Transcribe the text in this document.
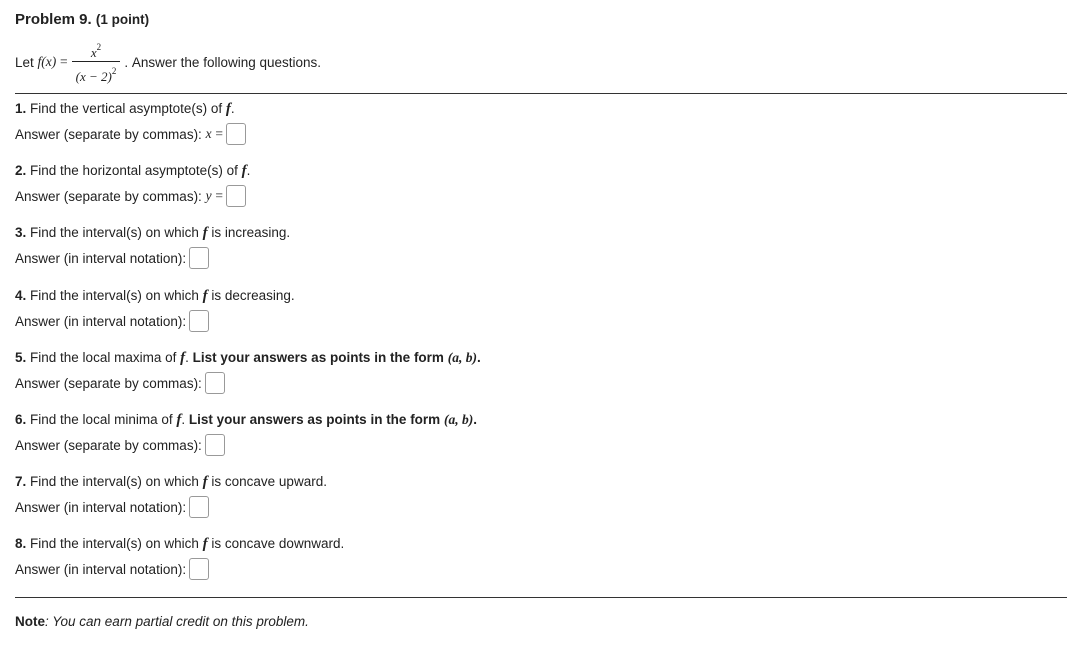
Problem 9. (1 point)
Let
f(x)
= $\frac{x^2}{(x - 2)^2}$ .
Answer the following questions.
1. Find the vertical asymptote(s) of f.
Answer (separate by commas):
x
=
2. Find the horizontal asymptote(s) of f.
Answer (separate by commas):
y
=
3. Find the interval(s) on which f is increasing.
Answer (in interval notation):
4. Find the interval(s) on which f is decreasing.
Answer (in interval notation):
5. Find the local maxima of f. List your answers as points in the form (a, b).
Answer (separate by commas):
6. Find the local minima of f. List your answers as points in the form (a, b).
Answer (separate by commas):
7. Find the interval(s) on which f is concave upward.
Answer (in interval notation):
8. Find the interval(s) on which f is concave downward.
Answer (in interval notation):
Note: You can earn partial credit on this problem.
